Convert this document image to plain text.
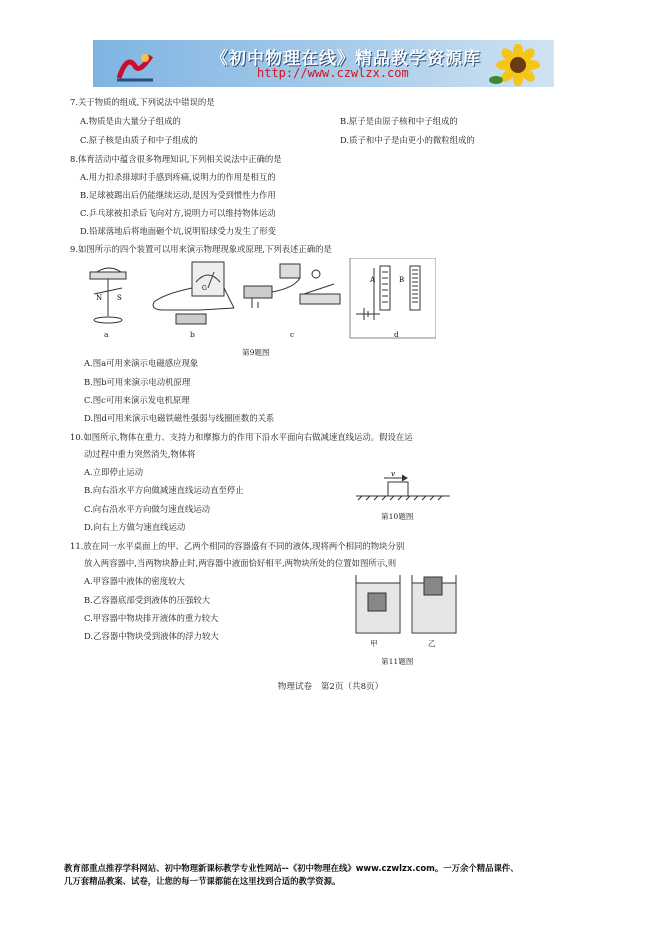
《初中物理在线》精品教学资源库
http://www.czwlzx.com
7.关于物质的组成,下列说法中错误的是
A.物质是由大量分子组成的	B.原子是由原子核和中子组成的
C.原子核是由质子和中子组成的	D.质子和中子是由更小的微粒组成的
8.体育活动中蕴含很多物理知识,下列相关说法中正确的是
A.用力扣杀排球时手感到疼痛,说明力的作用是相互的
B.足球被踢出后仍能继续运动,是因为受到惯性力作用
C.乒乓球被扣杀后飞向对方,说明力可以维持物体运动
D.铅球落地后将地面砸个坑,说明铅球受力发生了形变
9.如图所示的四个装置可以用来演示物理现象或原理,下列表述正确的是
N S
G
A	B
a	b	c	d
第9题图
A.图a可用来演示电磁感应现象
B.图b可用来演示电动机原理
C.图c可用来演示发电机原理
D.图d可用来演示电磁铁磁性强弱与线圈匝数的关系
10.如图所示,物体在重力、支持力和摩擦力的作用下沿水平面向右做减速直线运动。假设在运
动过程中重力突然消失,物体将
A.立即停止运动
B.向右沿水平方向做减速直线运动直至停止
C.向右沿水平方向做匀速直线运动
D.向右上方做匀速直线运动
v
第10题图
11.放在同一水平桌面上的甲、乙两个相同的容器盛有不同的液体,现将两个相同的物块分别
放入两容器中,当两物块静止时,两容器中液面恰好相平,两物块所处的位置如图所示,则
A.甲容器中液体的密度较大
B.乙容器底部受到液体的压强较大
C.甲容器中物块排开液体的重力较大
D.乙容器中物块受到液体的浮力较大
甲	乙
第11题图
物理试卷　第2页（共8页）
教育部重点推荐学科网站、初中物理新课标教学专业性网站--《初中物理在线》www.czwlzx.com。一万余个精品课件、
几万套精品教案、试卷，让您的每一节课都能在这里找到合适的教学资源。
